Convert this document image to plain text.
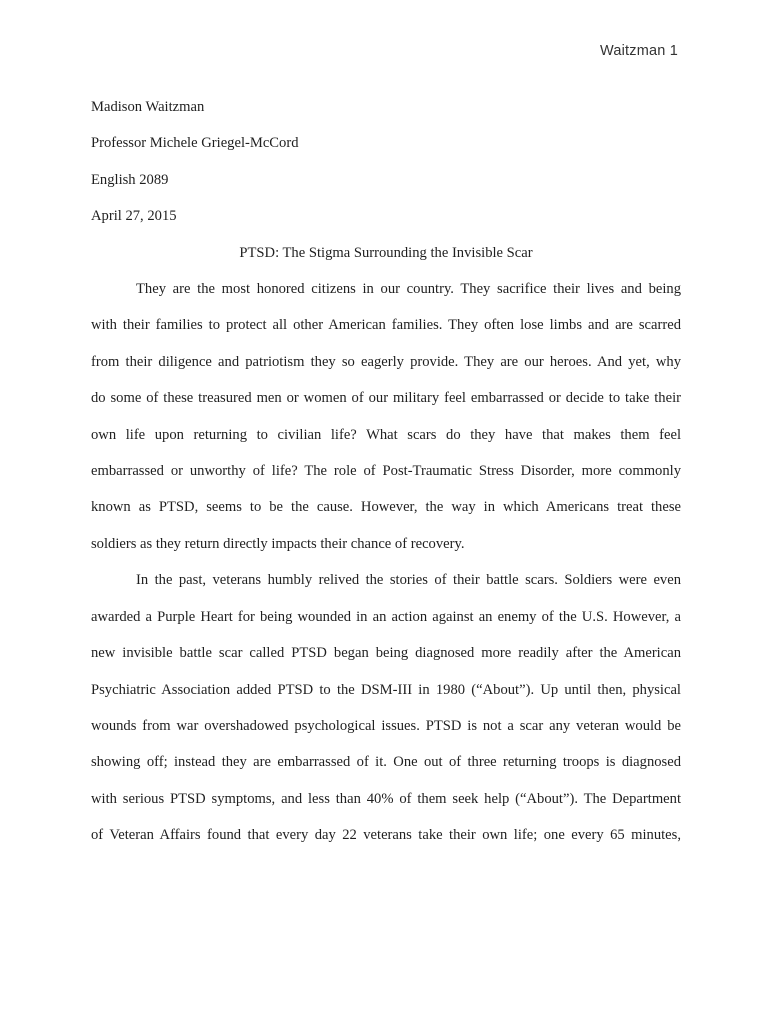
Waitzman 1

Madison Waitzman

Professor Michele Griegel-McCord

English 2089

April 27, 2015

PTSD: The Stigma Surrounding the Invisible Scar

They are the most honored citizens in our country. They sacrifice their lives and being
with their families to protect all other American families. They often lose limbs and are scarred
from their diligence and patriotism they so eagerly provide. They are our heroes. And yet, why
do some of these treasured men or women of our military feel embarrassed or decide to take their
own life upon returning to civilian life? What scars do they have that makes them feel
embarrassed or unworthy of life? The role of Post-Traumatic Stress Disorder, more commonly
known as PTSD, seems to be the cause. However, the way in which Americans treat these
soldiers as they return directly impacts their chance of recovery.
In the past, veterans humbly relived the stories of their battle scars. Soldiers were even
awarded a Purple Heart for being wounded in an action against an enemy of the U.S. However, a
new invisible battle scar called PTSD began being diagnosed more readily after the American
Psychiatric Association added PTSD to the DSM-III in 1980 (“About”). Up until then, physical
wounds from war overshadowed psychological issues. PTSD is not a scar any veteran would be
showing off; instead they are embarrassed of it. One out of three returning troops is diagnosed
with serious PTSD symptoms, and less than 40% of them seek help (“About”). The Department
of Veteran Affairs found that every day 22 veterans take their own life; one every 65 minutes,
